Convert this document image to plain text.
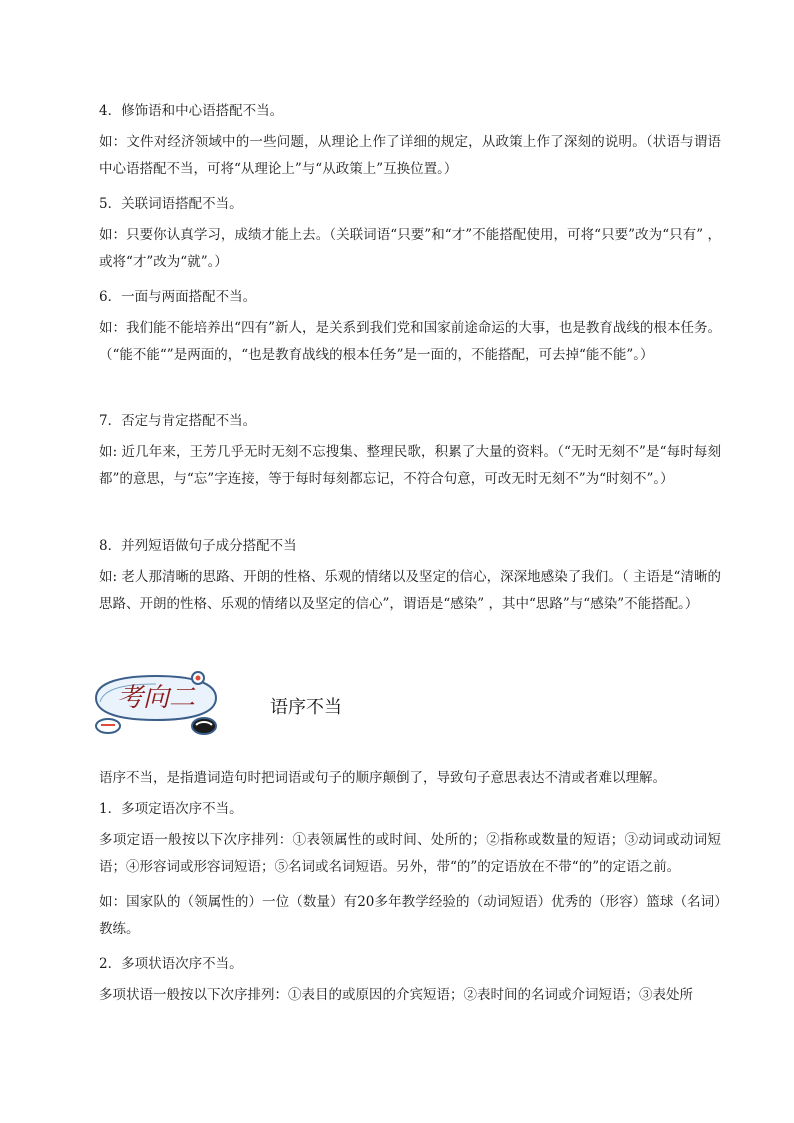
4．修饰语和中心语搭配不当。

如：文件对经济领域中的一些问题，从理论上作了详细的规定，从政策上作了深刻的说明。（状语与谓语中心语搭配不当，可将“从理论上”与“从政策上”互换位置。）

5．关联词语搭配不当。

如：只要你认真学习，成绩才能上去。（关联词语“只要”和“才”不能搭配使用，可将“只要”改为“只有” ，或将“才”改为“就”。）

6．一面与两面搭配不当。

如：我们能不能培养出“四有”新人，是关系到我们党和国家前途命运的大事，也是教育战线的根本任务。（“能不能“”是两面的，“也是教育战线的根本任务”是一面的，不能搭配，可去掉“能不能”。）

7．否定与肯定搭配不当。

如: 近几年来，王芳几乎无时无刻不忘搜集、整理民歌，积累了大量的资料。（“无时无刻不”是“每时每刻都”的意思，与“忘”字连接，等于每时每刻都忘记，不符合句意，可改无时无刻不”为“时刻不”。）

8．并列短语做句子成分搭配不当

如: 老人那清晰的思路、开朗的性格、乐观的情绪以及坚定的信心，深深地感染了我们。（ 主语是“清晰的思路、开朗的性格、乐观的情绪以及坚定的信心”，谓语是“感染” ，其中“思路”与“感染”不能搭配。）

考向二	语序不当

语序不当，是指遣词造句时把词语或句子的顺序颠倒了，导致句子意思表达不清或者难以理解。

1．多项定语次序不当。

多项定语一般按以下次序排列：①表领属性的或时间、处所的；②指称或数量的短语；③动词或动词短语；④形容词或形容词短语；⑤名词或名词短语。另外，带“的”的定语放在不带“的”的定语之前。

如：国家队的（领属性的）一位（数量）有20多年教学经验的（动词短语）优秀的（形容）篮球（名词）教练。

2．多项状语次序不当。

多项状语一般按以下次序排列：①表目的或原因的介宾短语；②表时间的名词或介词短语；③表处所
